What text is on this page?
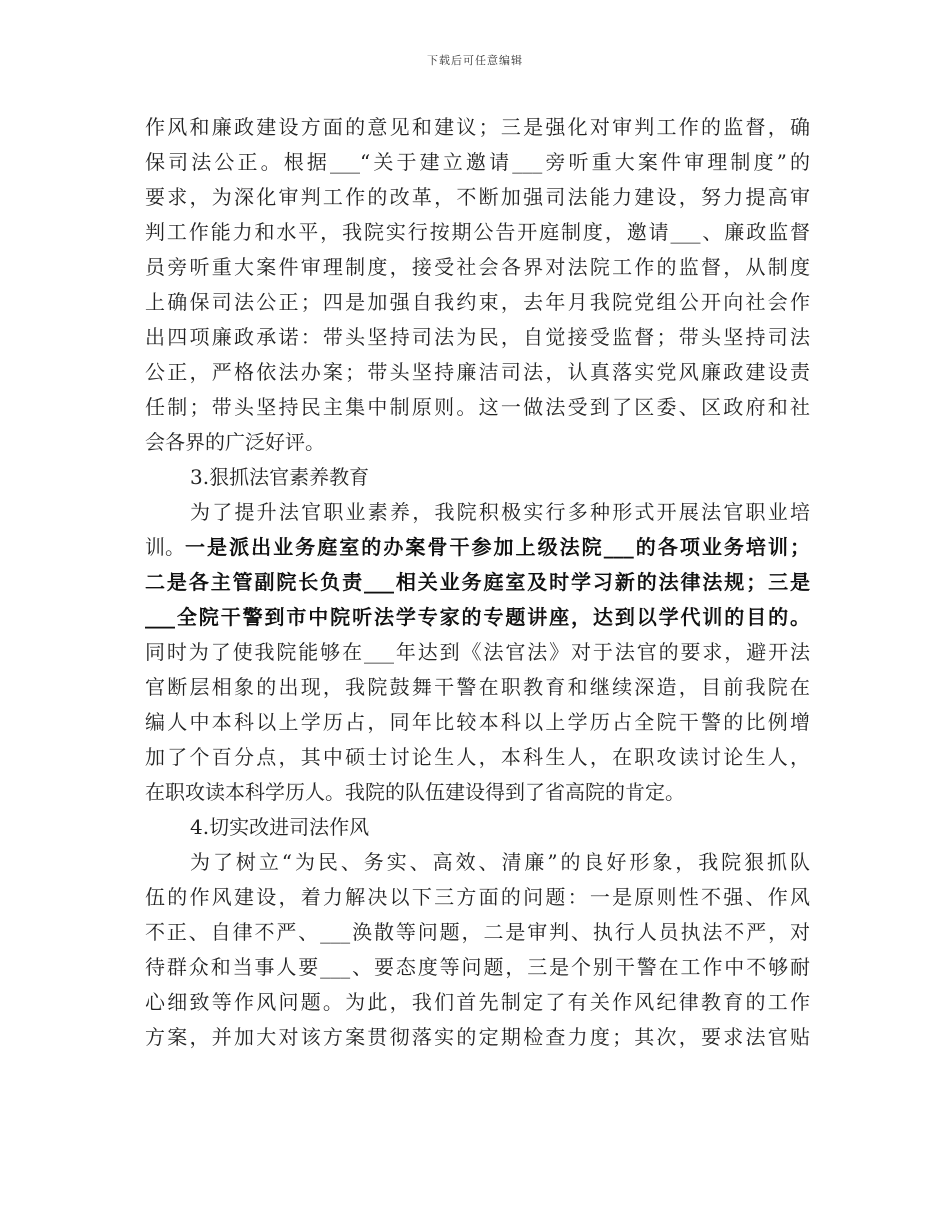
下载后可任意编辑
作风和廉政建设方面的意见和建议；三是强化对审判工作的监督，确
保司法公正。根据___“关于建立邀请___旁听重大案件审理制度”的
要求，为深化审判工作的改革，不断加强司法能力建设，努力提高审
判工作能力和水平，我院实行按期公告开庭制度，邀请___、廉政监督
员旁听重大案件审理制度，接受社会各界对法院工作的监督，从制度
上确保司法公正；四是加强自我约束，去年月我院党组公开向社会作
出四项廉政承诺：带头坚持司法为民，自觉接受监督；带头坚持司法
公正，严格依法办案；带头坚持廉洁司法，认真落实党风廉政建设责
任制；带头坚持民主集中制原则。这一做法受到了区委、区政府和社
会各界的广泛好评。
3.狠抓法官素养教育
为了提升法官职业素养，我院积极实行多种形式开展法官职业培
训。 一是派出业务庭室的办案骨干参加上级法院___的各项业务培训；
二是各主管副院长负责___相关业务庭室及时学习新的法律法规；三是
___全院干警到市中院听法学专家的专题讲座，达到以学代训的目的。
同时为了使我院能够在___年达到《法官法》对于法官的要求，避开法
官断层相象的出现，我院鼓舞干警在职教育和继续深造，目前我院在
编人中本科以上学历占，同年比较本科以上学历占全院干警的比例增
加了个百分点，其中硕士讨论生人，本科生人，在职攻读讨论生人，
在职攻读本科学历人。我院的队伍建设得到了省高院的肯定。
4.切实改进司法作风
为了树立“为民、务实、高效、清廉”的良好形象，我院狠抓队
伍的作风建设，着力解决以下三方面的问题：一是原则性不强、作风
不正、自律不严、___涣散等问题，二是审判、执行人员执法不严，对
待群众和当事人要___、要态度等问题，三是个别干警在工作中不够耐
心细致等作风问题。为此，我们首先制定了有关作风纪律教育的工作
方案，并加大对该方案贯彻落实的定期检查力度；其次，要求法官贴
